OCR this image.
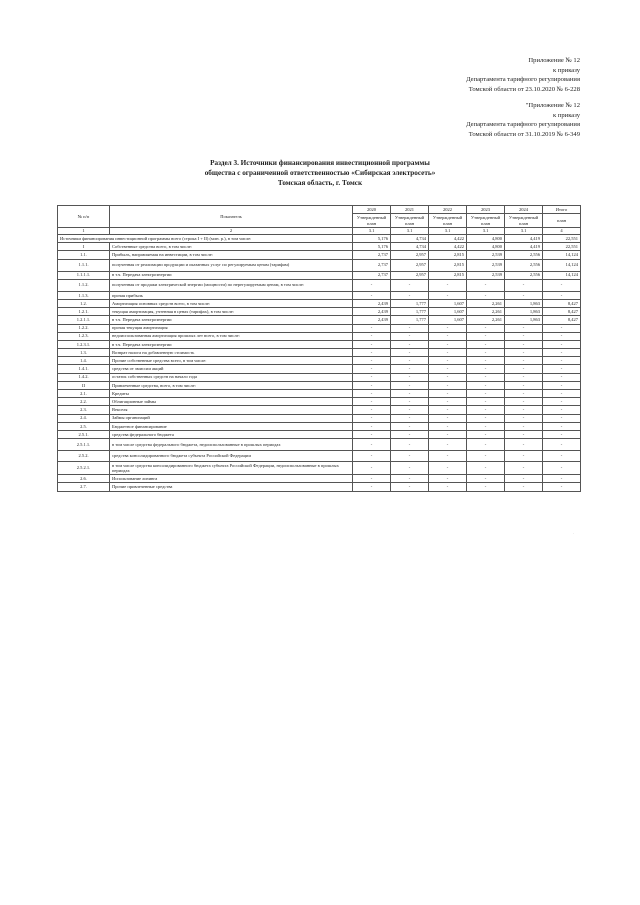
Приложение № 12
к приказу
Департамента тарифного регулирования
Томской области от 23.10.2020 № 6-228
"Приложение № 12
к приказу
Департамента тарифного регулирования
Томской области от 31.10.2019 № 6-349
Раздел 3. Источники финансирования инвестиционной программы
общества с ограниченной ответственностью «Сибирская электросеть»
Томская область, г. Томск
№ п/п	Показатель	2020	2021	2022	2023	2024	Итого
		Утвержденный план	Утвержденный план	Утвержденный план	Утвержденный план	Утвержденный план	план
1	2	3.1	3.1	3.1	3.1	3.1	4
Источники финансирования инвестиционной программы всего (строка I + II) (млн. р.), в том числе:		5,176	4,734	4,422	4,800	4,419	22,551
I	Собственные средства всего, в том числе:	5,176	4,734	4,422	4,800	4,419	22,551
1.1.	Прибыль, направляемая на инвестиции, в том числе:	2,737	2,957	2,815	2,539	2,556	14,124
1.1.1.	полученная от реализации продукции и оказанных услуг по регулируемым ценам (тарифам)	2,737	2,957	2,815	2,539	2,556	14,124
1.1.1.1.	в т.ч. Передача электроэнергии	2,737	2,957	2,815	2,539	2,556	14,124
1.1.2.	полученная от продажи электрической энергии (мощности) по нерегулируемым ценам, в том числе:	-	-	-	-	-	-
1.1.3.	прочая прибыль	-	-	-	-	-	-
1.2.	Амортизация основных средств всего, в том числе:	2,439	1,777	1,607	2,261	1,863	8,427
1.2.1.	текущая амортизация, учтенная в ценах (тарифах), в том числе:	2,439	1,777	1,607	2,261	1,863	8,427
1.2.1.1.	в т.ч. Передача электроэнергии	2,439	1,777	1,607	2,261	1,863	8,427
1.2.2.	прочая текущая амортизация	-	-	-	-	-	-
1.2.3.	недоиспользованная амортизация прошлых лет всего, в том числе:	-	-	-	-	-	-
1.2.3.1.	в т.ч. Передача электроэнергии	-	-	-	-	-	-
1.3.	Возврат налога на добавленную стоимость	-	-	-	-	-	-
1.4.	Прочие собственные средства всего, в том числе:	-	-	-	-	-	-
1.4.1.	средства от эмиссии акций	-	-	-	-	-	-
1.4.2.	остаток собственных средств на начало года	-	-	-	-	-	-
II	Привлеченные средства, всего, в том числе:	-	-	-	-	-	-
2.1.	Кредиты	-	-	-	-	-	-
2.2.	Облигационные займы	-	-	-	-	-	-
2.3.	Векселя	-	-	-	-	-	-
2.4.	Займы организаций	-	-	-	-	-	-
2.5.	Бюджетное финансирование	-	-	-	-	-	-
2.5.1.	средства федерального бюджета	-	-	-	-	-	-
2.5.1.1.	в том числе средства федерального бюджета, недоиспользованные в прошлых периодах	-	-	-	-	-	-
2.5.2.	средства консолидированного бюджета субъекта Российской Федерации	-	-	-	-	-	-
2.5.2.1.	в том числе средства консолидированного бюджета субъекта Российской Федерации, недоиспользованные в прошлых периодах	-	-	-	-	-	-
2.6.	Использование лизинга	-	-	-	-	-	-
2.7.	Прочие привлеченные средства	-	-	-	-	-	-
.
